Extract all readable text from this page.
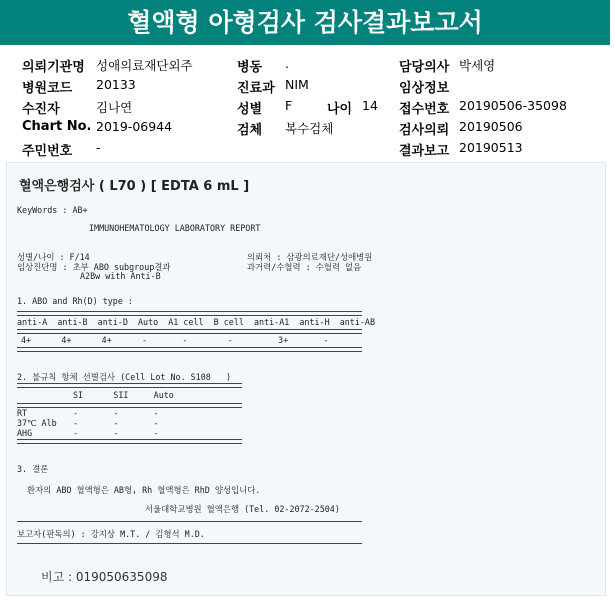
혈액형 아형검사 검사결과보고서
의뢰기관명 성애의료재단외주
병원코드 20133
수진자	김나연
Chart No. 2019-06944
주민번호 -
병동 .
진료과 NIM
성별 F	나이 14
검체 복수검체
담당의사 박세영
임상정보
접수번호 20190506-35098
검사의뢰 20190506
결과보고 20190513
혈액은행검사 ( L70 ) [ EDTA 6 mL ]
KeyWords : AB+
IMMUNOHEMATOLOGY LABORATORY REPORT
성별/나이 : F/14
임상진단명 : 초부 ABO subgroup결과
A2Bw with Anti-B
의뢰처 : 삼광의료재단/성애병원
과거력/수혈력 : 수혈력 없음
1. ABO and Rh(D) type :
anti-A  anti-B  anti-D  Auto  A1 cell  B cell  anti-A1  anti-H  anti-AB
4+      4+      4+      -       -        -         3+       -
2. 불규칙 항체 선별검사 (Cell Lot No. S108   )
SI      SII     Auto
RT	-       -       -
37℃ Alb -       -       -
AHG	-       -       -
3. 결론
환자의 ABO 혈액형은 AB형, Rh 혈액형은 RhD 양성입니다.
서울대학교병원 혈액은행 (Tel. 02-2072-2504)
보고자(판독의) : 강지상 M.T. / 김형석 M.D.
비고 : 019050635098
